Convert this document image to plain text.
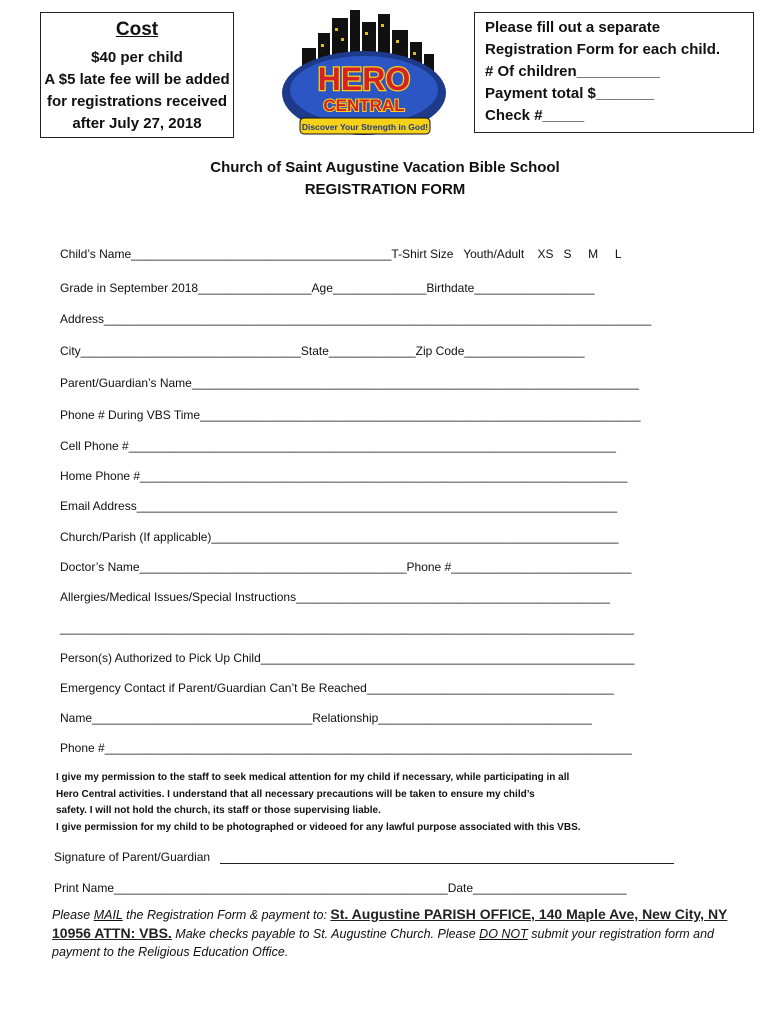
Cost
$40 per child
A $5 late fee will be added
for registrations received
after July 27, 2018
HERO
CENTRAL
Discover Your Strength in God!
Please fill out a separate
Registration Form for each child.
# Of children__________
Payment total $_______
Check #_____
Church of Saint Augustine Vacation Bible School
REGISTRATION FORM
Child’s Name_______________________________________T-Shirt Size   Youth/Adult    XS   S     M     L
Grade in September 2018_________________Age______________Birthdate__________________
Address__________________________________________________________________________________
City_________________________________State_____________Zip Code__________________
Parent/Guardian’s Name___________________________________________________________________
Phone # During VBS Time__________________________________________________________________
Cell Phone #_________________________________________________________________________
Home Phone #_________________________________________________________________________
Email Address________________________________________________________________________
Church/Parish (If applicable)_____________________________________________________________
Doctor’s Name________________________________________Phone #___________________________
Allergies/Medical Issues/Special Instructions_______________________________________________
______________________________________________________________________________________
Person(s) Authorized to Pick Up Child________________________________________________________
Emergency Contact if Parent/Guardian Can’t Be Reached_____________________________________
Name_________________________________Relationship________________________________
Phone #_______________________________________________________________________________
I give my permission to the staff to seek medical attention for my child if necessary, while participating in all
Hero Central activities. I understand that all necessary precautions will be taken to ensure my child’s
safety. I will not hold the church, its staff or those supervising liable.
I give permission for my child to be photographed or videoed for any lawful purpose associated with this VBS.
Signature of Parent/Guardian
Print Name__________________________________________________Date_______________________
Please MAIL the Registration Form & payment to: St. Augustine PARISH OFFICE, 140 Maple Ave, New City, NY 10956 ATTN: VBS. Make checks payable to St. Augustine Church. Please DO NOT submit your registration form and payment to the Religious Education Office.
